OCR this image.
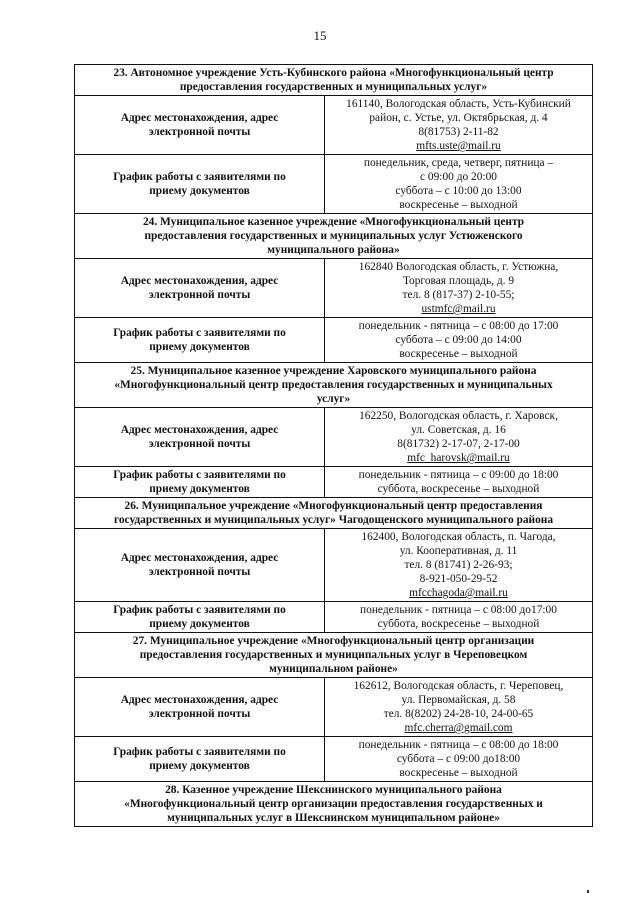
15
23. Автономное учреждение Усть-Кубинского района «Многофункциональный центр
предоставления государственных и муниципальных услуг»	

Адрес местонахождения, адрес
электронной почты	161140, Вологодская область, Усть-Кубинский
район, с. Устье, ул. Октябрьская, д. 4
8(81753) 2-11-82
mfts.uste@mail.ru

График работы с заявителями по
приему документов	понедельник, среда, четверг, пятница –
с 09:00 до 20:00
суббота – с 10:00 до 13:00
воскресенье – выходной

24. Муниципальное казенное учреждение «Многофункциональный центр
предоставления государственных и муниципальных услуг Устюженского
муниципального района»	

Адрес местонахождения, адрес
электронной почты	162840 Вологодская область, г. Устюжна,
Торговая площадь, д. 9
тел. 8 (817-37) 2-10-55;
ustmfc@mail.ru

График работы с заявителями по
приему документов	понедельник - пятница – с 08:00 до 17:00
суббота – с 09:00 до 14:00
воскресенье – выходной

25. Муниципальное казенное учреждение Харовского муниципального района
«Многофункциональный центр предоставления государственных и муниципальных
услуг»	

Адрес местонахождения, адрес
электронной почты	162250, Вологодская область, г. Харовск,
ул. Советская, д. 16
8(81732) 2-17-07, 2-17-00
mfc_harovsk@mail.ru

График работы с заявителями по
приему документов	понедельник - пятница – с 09:00 до 18:00
суббота, воскресенье – выходной

26. Муниципальное учреждение «Многофункциональный центр предоставления
государственных и муниципальных услуг» Чагодощенского муниципального района	

Адрес местонахождения, адрес
электронной почты	162400, Вологодская область, п. Чагода,
ул. Кооперативная, д. 11
тел. 8 (81741) 2-26-93;
8-921-050-29-52
mfcchagoda@mail.ru

График работы с заявителями по
приему документов	понедельник - пятница – с 08:00 до17:00
суббота, воскресенье – выходной

27. Муниципальное учреждение «Многофункциональный центр организации
предоставления государственных и муниципальных услуг в Череповецком
муниципальном районе»	

Адрес местонахождения, адрес
электронной почты	162612, Вологодская область, г. Череповец,
ул. Первомайская, д. 58
тел. 8(8202) 24-28-10, 24-00-65
mfc.cherra@gmail.com

График работы с заявителями по
приему документов	понедельник - пятница – с 08:00 до 18:00
суббота – с 09:00 до18:00
воскресенье – выходной

28. Казенное учреждение Шекснинского муниципального района
«Многофункциональный центр организации предоставления государственных и
муниципальных услуг в Шекснинском муниципальном районе»	
